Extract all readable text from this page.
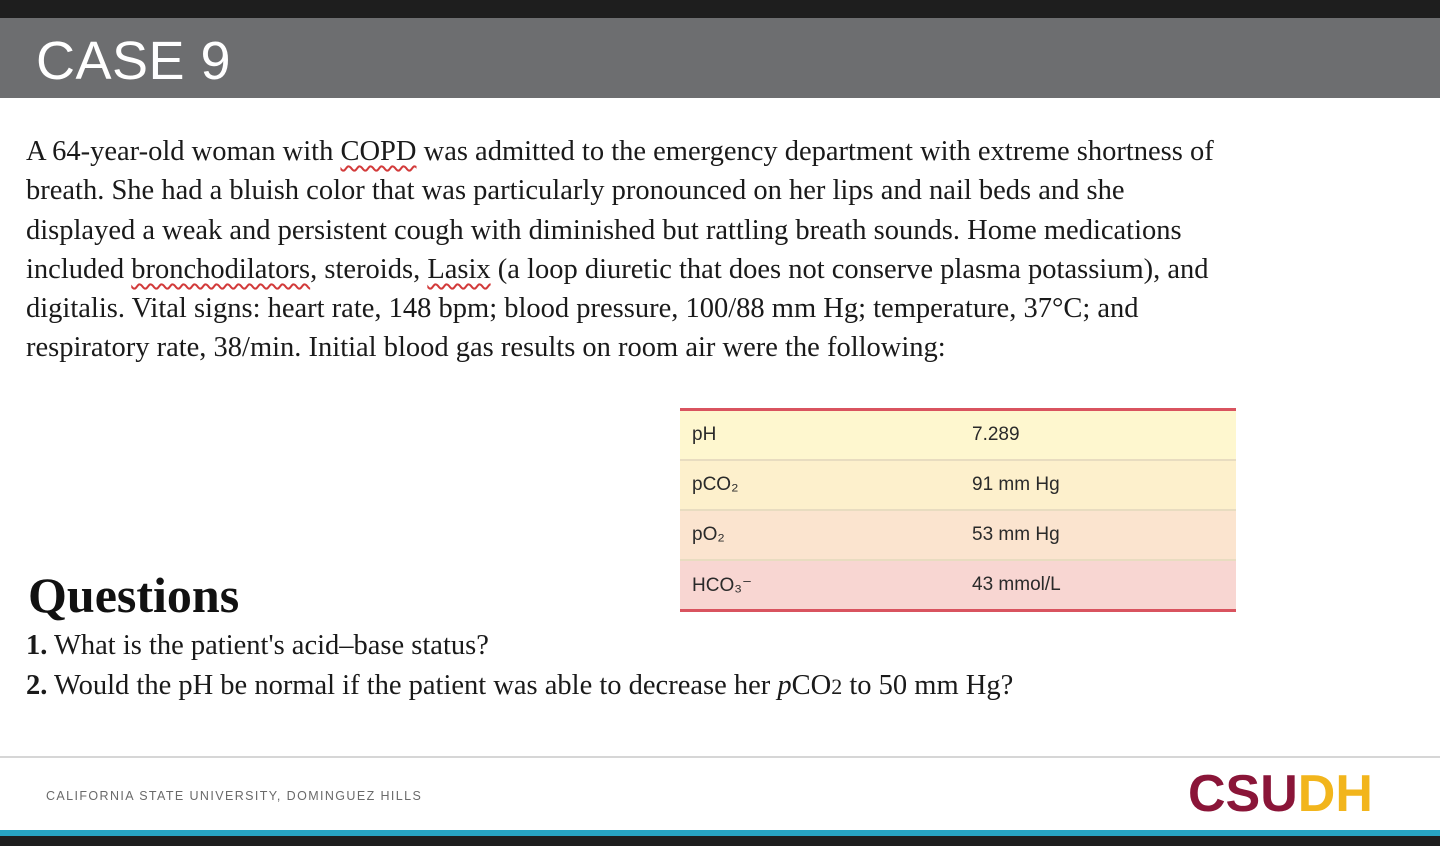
CASE 9

A 64-year-old woman with COPD was admitted to the emergency department with extreme shortness of
breath. She had a bluish color that was particularly pronounced on her lips and nail beds and she
displayed a weak and persistent cough with diminished but rattling breath sounds. Home medications
included bronchodilators, steroids, Lasix (a loop diuretic that does not conserve plasma potassium), and
digitalis. Vital signs: heart rate, 148 bpm; blood pressure, 100/88 mm Hg; temperature, 37°C; and
respiratory rate, 38/min. Initial blood gas results on room air were the following:

pH	7.289
pCO₂	91 mm Hg
pO₂	53 mm Hg
HCO₃⁻	43 mmol/L
Questions
1. What is the patient's acid–base status?
2. Would the pH be normal if the patient was able to decrease her pCO2 to 50 mm Hg?
CALIFORNIA STATE UNIVERSITY, DOMINGUEZ HILLS	CSUDH
